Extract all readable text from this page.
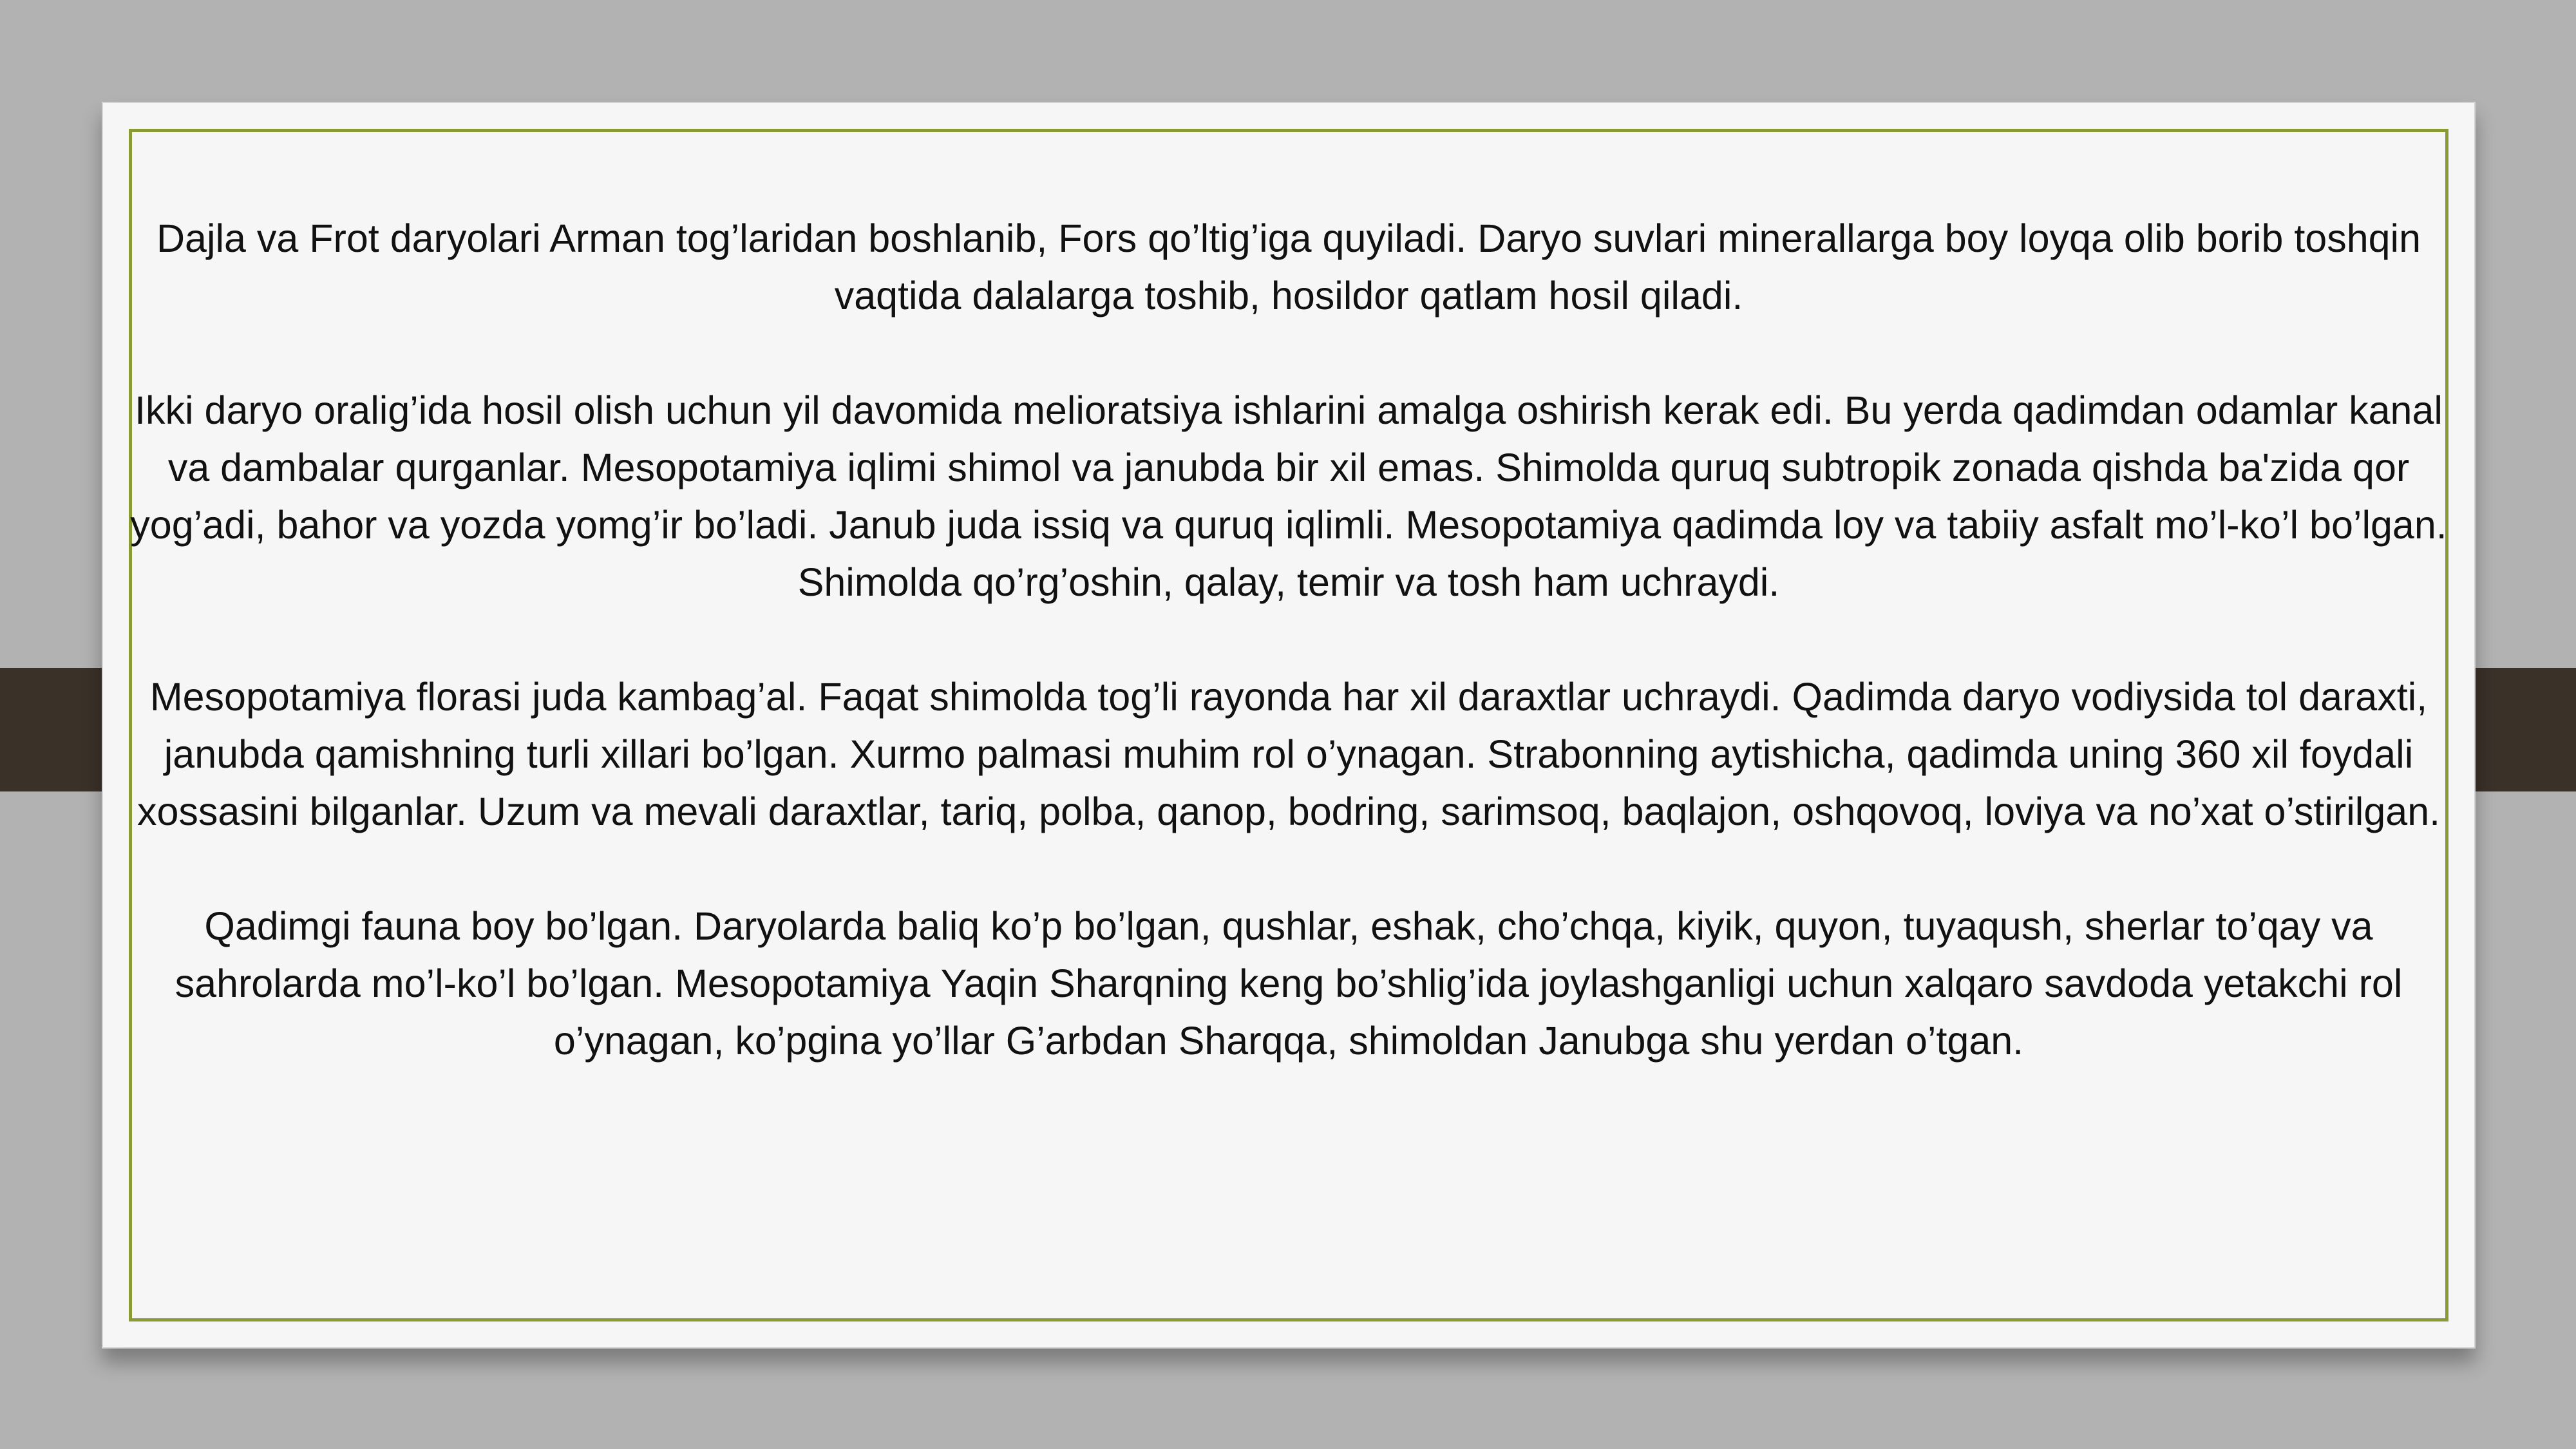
Dajla va Frot daryolari Arman tog’laridan boshlanib, Fors qo’ltig’iga quyiladi. Daryo suvlari minerallarga boy loyqa olib borib toshqin vaqtida dalalarga toshib, hosildor qatlam hosil qiladi.

Ikki daryo oralig’ida hosil olish uchun yil davomida melioratsiya ishlarini amalga oshirish kerak edi. Bu yerda qadimdan odamlar kanal va dambalar qurganlar. Mesopotamiya iqlimi shimol va janubda bir xil emas. Shimolda quruq subtropik zonada qishda ba'zida qor yog’adi, bahor va yozda yomg’ir bo’ladi. Janub juda issiq va quruq iqlimli. Mesopotamiya qadimda loy va tabiiy asfalt mo’l-ko’l bo’lgan. Shimolda qo’rg’oshin, qalay, temir va tosh ham uchraydi.

Mesopotamiya florasi juda kambag’al. Faqat shimolda tog’li rayonda har xil daraxtlar uchraydi. Qadimda daryo vodiysida tol daraxti, janubda qamishning turli xillari bo’lgan. Xurmo palmasi muhim rol o’ynagan. Strabonning aytishicha, qadimda uning 360 xil foydali xossasini bilganlar. Uzum va mevali daraxtlar, tariq, polba, qanop, bodring, sarimsoq, baqlajon, oshqovoq, loviya va no’xat o’stirilgan.

Qadimgi fauna boy bo’lgan. Daryolarda baliq ko’p bo’lgan, qushlar, eshak, cho’chqa, kiyik, quyon, tuyaqush, sherlar to’qay va sahrolarda mo’l-ko’l bo’lgan. Mesopotamiya Yaqin Sharqning keng bo’shlig’ida joylashganligi uchun xalqaro savdoda yetakchi rol o’ynagan, ko’pgina yo’llar G’arbdan Sharqqa, shimoldan Janubga shu yerdan o’tgan.
